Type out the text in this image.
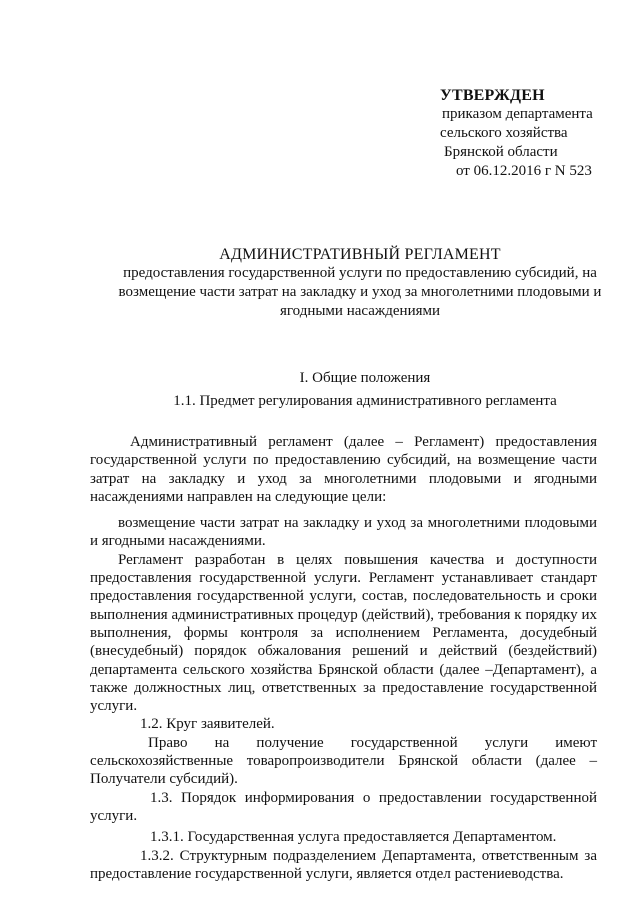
УТВЕРЖДЕН
приказом департамента
сельского хозяйства
Брянской области
от 06.12.2016 г N 523
АДМИНИСТРАТИВНЫЙ РЕГЛАМЕНТ
предоставления государственной услуги по предоставлению субсидий, на
возмещение части затрат на закладку и уход за многолетними плодовыми и
ягодными насаждениями
I. Общие положения
1.1. Предмет регулирования административного регламента

Административный регламент (далее – Регламент) предоставления государственной услуги по предоставлению субсидий, на возмещение части затрат на закладку и уход за многолетними плодовыми и ягодными насаждениями направлен на следующие цели:

возмещение части затрат на закладку и уход за многолетними плодовыми и ягодными насаждениями.

Регламент разработан в целях повышения качества и доступности предоставления государственной услуги. Регламент устанавливает стандарт предоставления государственной услуги, состав, последовательность и сроки выполнения административных процедур (действий), требования к порядку их выполнения, формы контроля за исполнением Регламента, досудебный (внесудебный) порядок обжалования решений и действий (бездействий) департамента сельского хозяйства Брянской области (далее –Департамент), а также должностных лиц, ответственных за предоставление государственной услуги.

1.2. Круг заявителей.

Право на получение государственной услуги имеют сельскохозяйственные товаропроизводители Брянской области (далее – Получатели субсидий).

1.3. Порядок информирования о предоставлении государственной услуги.

1.3.1. Государственная услуга предоставляется Департаментом.

1.3.2. Структурным подразделением Департамента, ответственным за предоставление государственной услуги, является отдел растениеводства.
